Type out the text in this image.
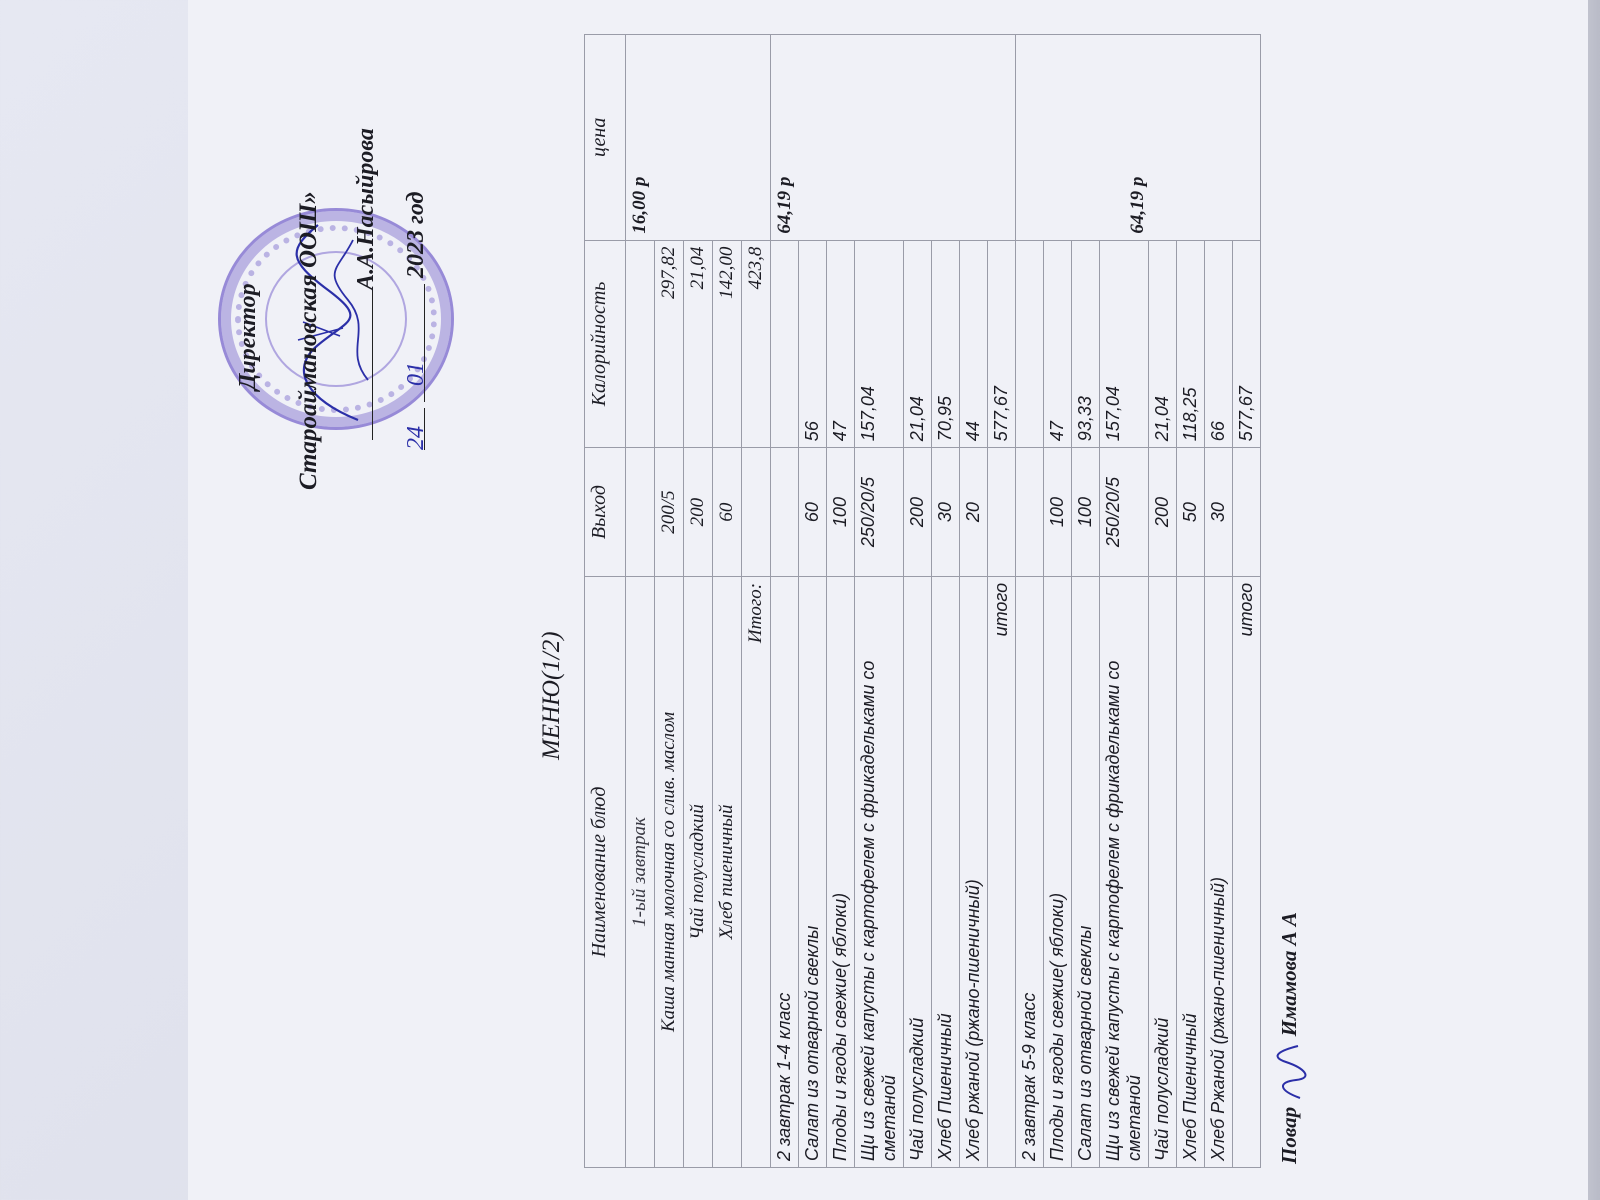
Директор Староаймановская ООШ» А.А.Насыйрова
24 01 2023 год
МЕНЮ(1/2)
Наименование блюд	Выход	Калорийность	цена
1-ый завтрак			16,00 р
Каша манная молочная со слив. маслом	200/5	297,82	
Чай полусладкий	200	21,04	
Хлеб пшеничный	60	142,00	
Итого:		423,8	
2 завтрак 1-4 класс			64,19 р
Салат из отварной свеклы	60	56	
Плоды и ягоды свежие( яблоки)	100	47	
Щи из свежей капусты с картофелем с фрикадельками со сметаной	250/20/5	157,04	
Чай полусладкий	200	21,04	
Хлеб Пшеничный	30	70,95	
Хлеб ржаной (ржано-пшеничный)	20	44	
итого		577,67	
2 завтрак 5-9 класс			64,19 р
Плоды и ягоды свежие( яблоки)	100	47	
Салат из отварной свеклы	100	93,33	
Щи из свежей капусты с картофелем с фрикадельками со сметаной	250/20/5	157,04	
Чай полусладкий	200	21,04	
Хлеб Пшеничный	50	118,25	
Хлеб Ржаной (ржано-пшеничный)	30	66	
итого		577,67	
Повар  Имамова А А
